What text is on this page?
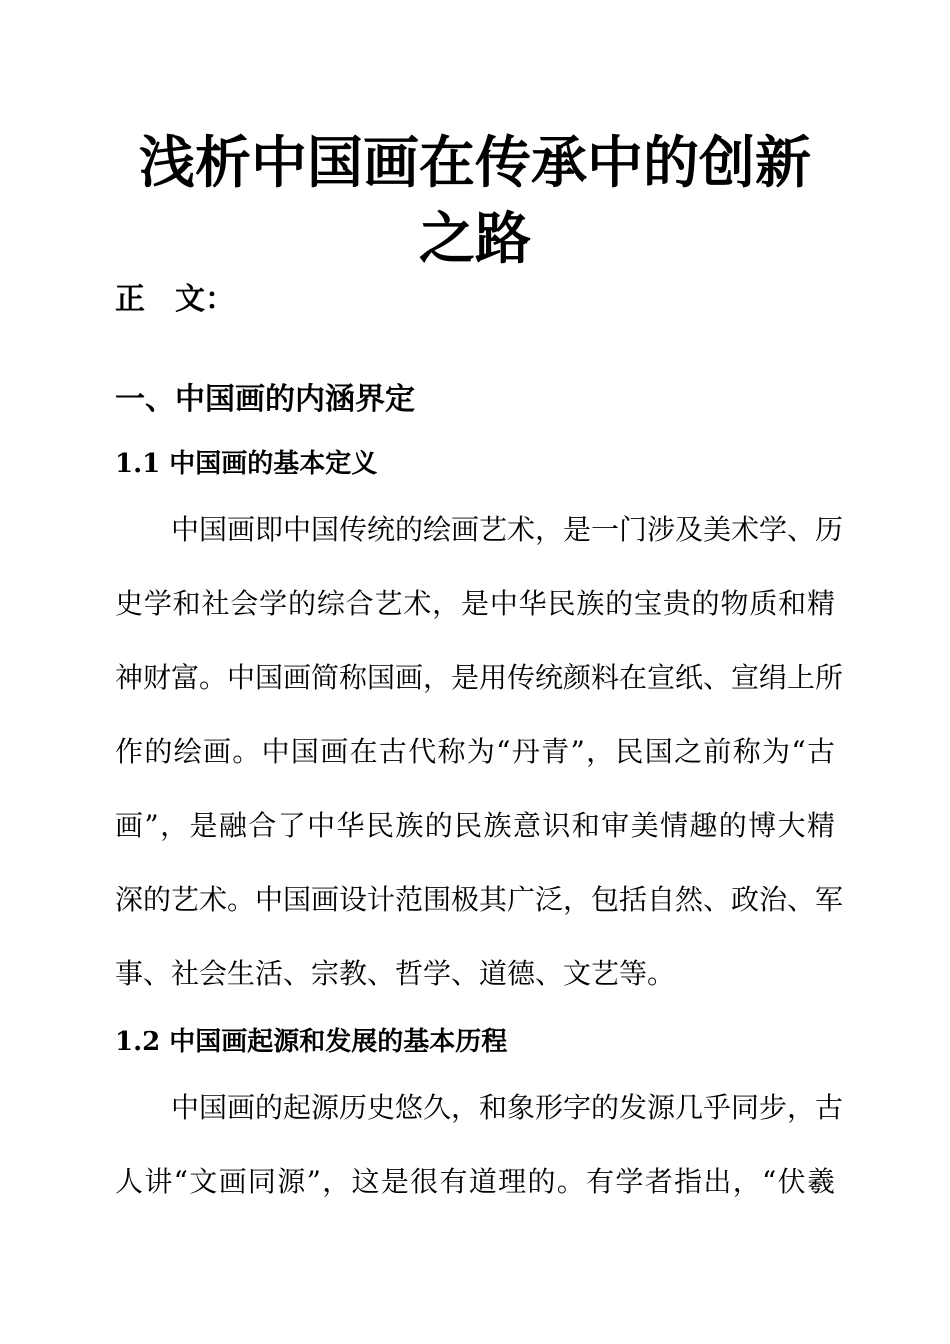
浅析中国画在传承中的创新
之路
正　文：
一、中国画的内涵界定
1.1 中国画的基本定义
中国画即中国传统的绘画艺术，是一门涉及美术学、历
史学和社会学的综合艺术，是中华民族的宝贵的物质和精
神财富。中国画简称国画，是用传统颜料在宣纸、宣绢上所
作的绘画。中国画在古代称为“丹青”，民国之前称为“古
画”，是融合了中华民族的民族意识和审美情趣的博大精
深的艺术。中国画设计范围极其广泛，包括自然、政治、军
事、社会生活、宗教、哲学、道德、文艺等。
1.2 中国画起源和发展的基本历程
中国画的起源历史悠久，和象形字的发源几乎同步，古
人讲“文画同源”，这是很有道理的。有学者指出，“伏羲
